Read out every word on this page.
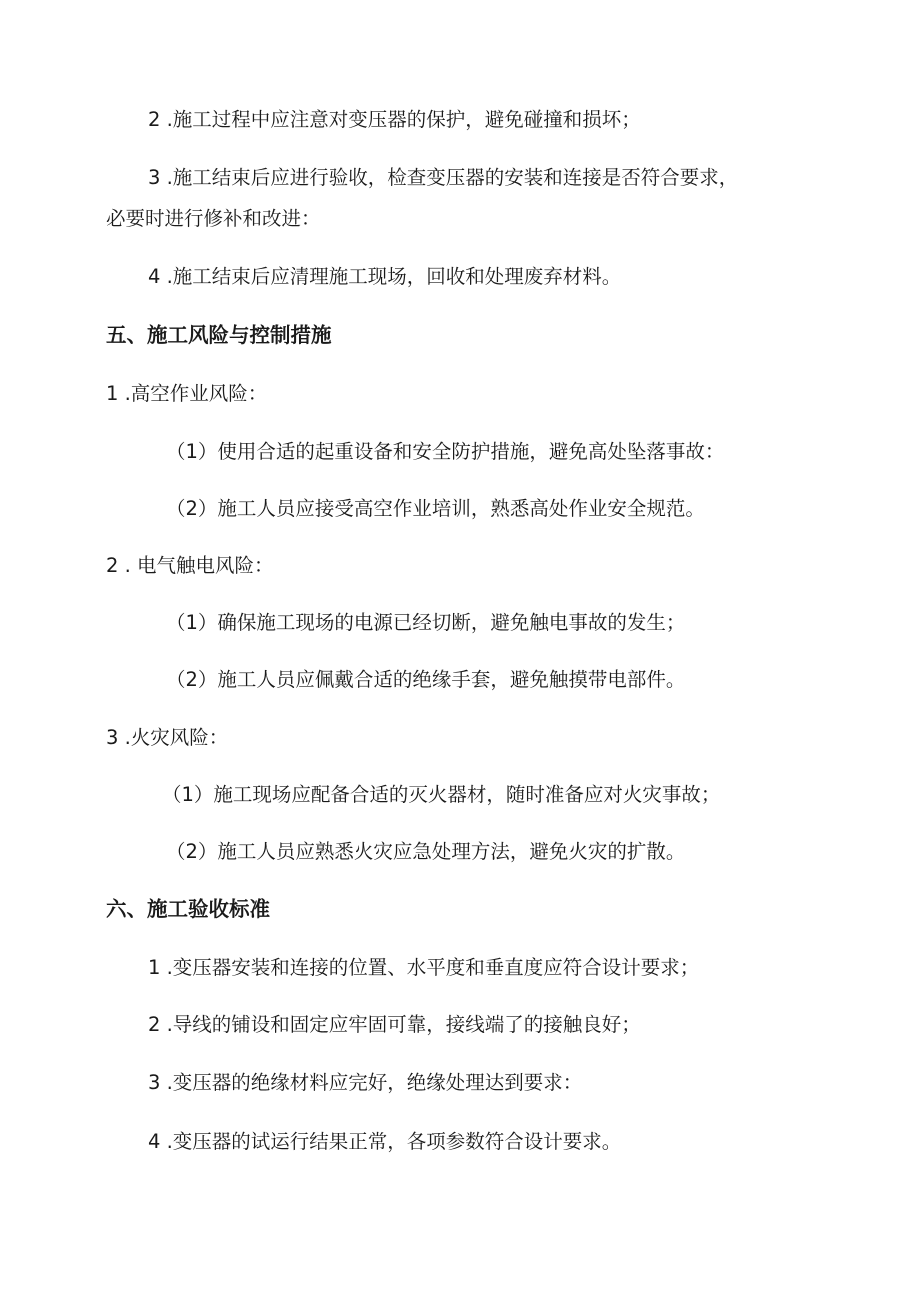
2 .施工过程中应注意对变压器的保护，避免碰撞和损坏；
3 .施工结束后应进行验收，检查变压器的安装和连接是否符合要求，
必要时进行修补和改进：
4 .施工结束后应清理施工现场，回收和处理废弃材料。
五、施工风险与控制措施
1 .高空作业风险：
（1）使用合适的起重设备和安全防护措施，避免高处坠落事故：
（2）施工人员应接受高空作业培训，熟悉高处作业安全规范。
2 . 电气触电风险：
（1）确保施工现场的电源已经切断，避免触电事故的发生；
（2）施工人员应佩戴合适的绝缘手套，避免触摸带电部件。
3 .火灾风险：
（1）施工现场应配备合适的灭火器材，随时准备应对火灾事故；
（2）施工人员应熟悉火灾应急处理方法，避免火灾的扩散。
六、施工验收标准
1 .变压器安装和连接的位置、水平度和垂直度应符合设计要求；
2 .导线的铺设和固定应牢固可靠，接线端了的接触良好；
3 .变压器的绝缘材料应完好，绝缘处理达到要求：
4 .变压器的试运行结果正常，各项参数符合设计要求。
